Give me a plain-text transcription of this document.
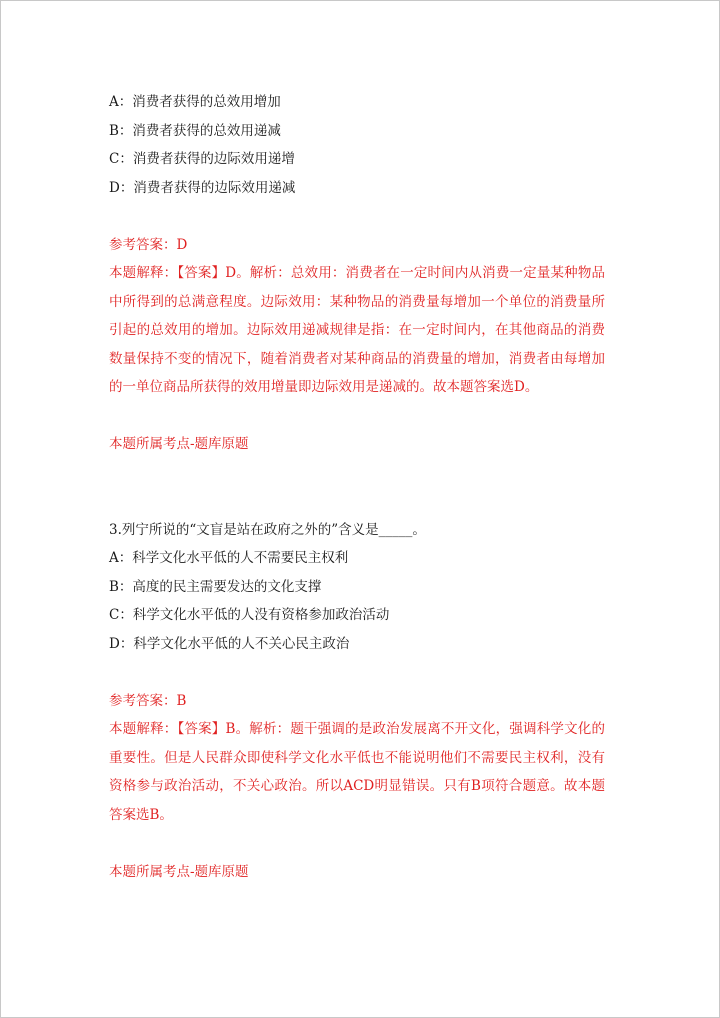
A：消费者获得的总效用增加
B：消费者获得的总效用递减
C：消费者获得的边际效用递增
D：消费者获得的边际效用递减
参考答案：D
本题解释：【答案】D。解析：总效用：消费者在一定时间内从消费一定量某种物品中所得到的总满意程度。边际效用：某种物品的消费量每增加一个单位的消费量所引起的总效用的增加。边际效用递减规律是指：在一定时间内，在其他商品的消费数量保持不变的情况下，随着消费者对某种商品的消费量的增加，消费者由每增加的一单位商品所获得的效用增量即边际效用是递减的。故本题答案选D。
本题所属考点-题库原题
3.列宁所说的“文盲是站在政府之外的”含义是_____。
A：科学文化水平低的人不需要民主权利
B：高度的民主需要发达的文化支撑
C：科学文化水平低的人没有资格参加政治活动
D：科学文化水平低的人不关心民主政治
参考答案：B
本题解释：【答案】B。解析：题干强调的是政治发展离不开文化，强调科学文化的重要性。但是人民群众即使科学文化水平低也不能说明他们不需要民主权利，没有资格参与政治活动，不关心政治。所以ACD明显错误。只有B项符合题意。故本题答案选B。
本题所属考点-题库原题
